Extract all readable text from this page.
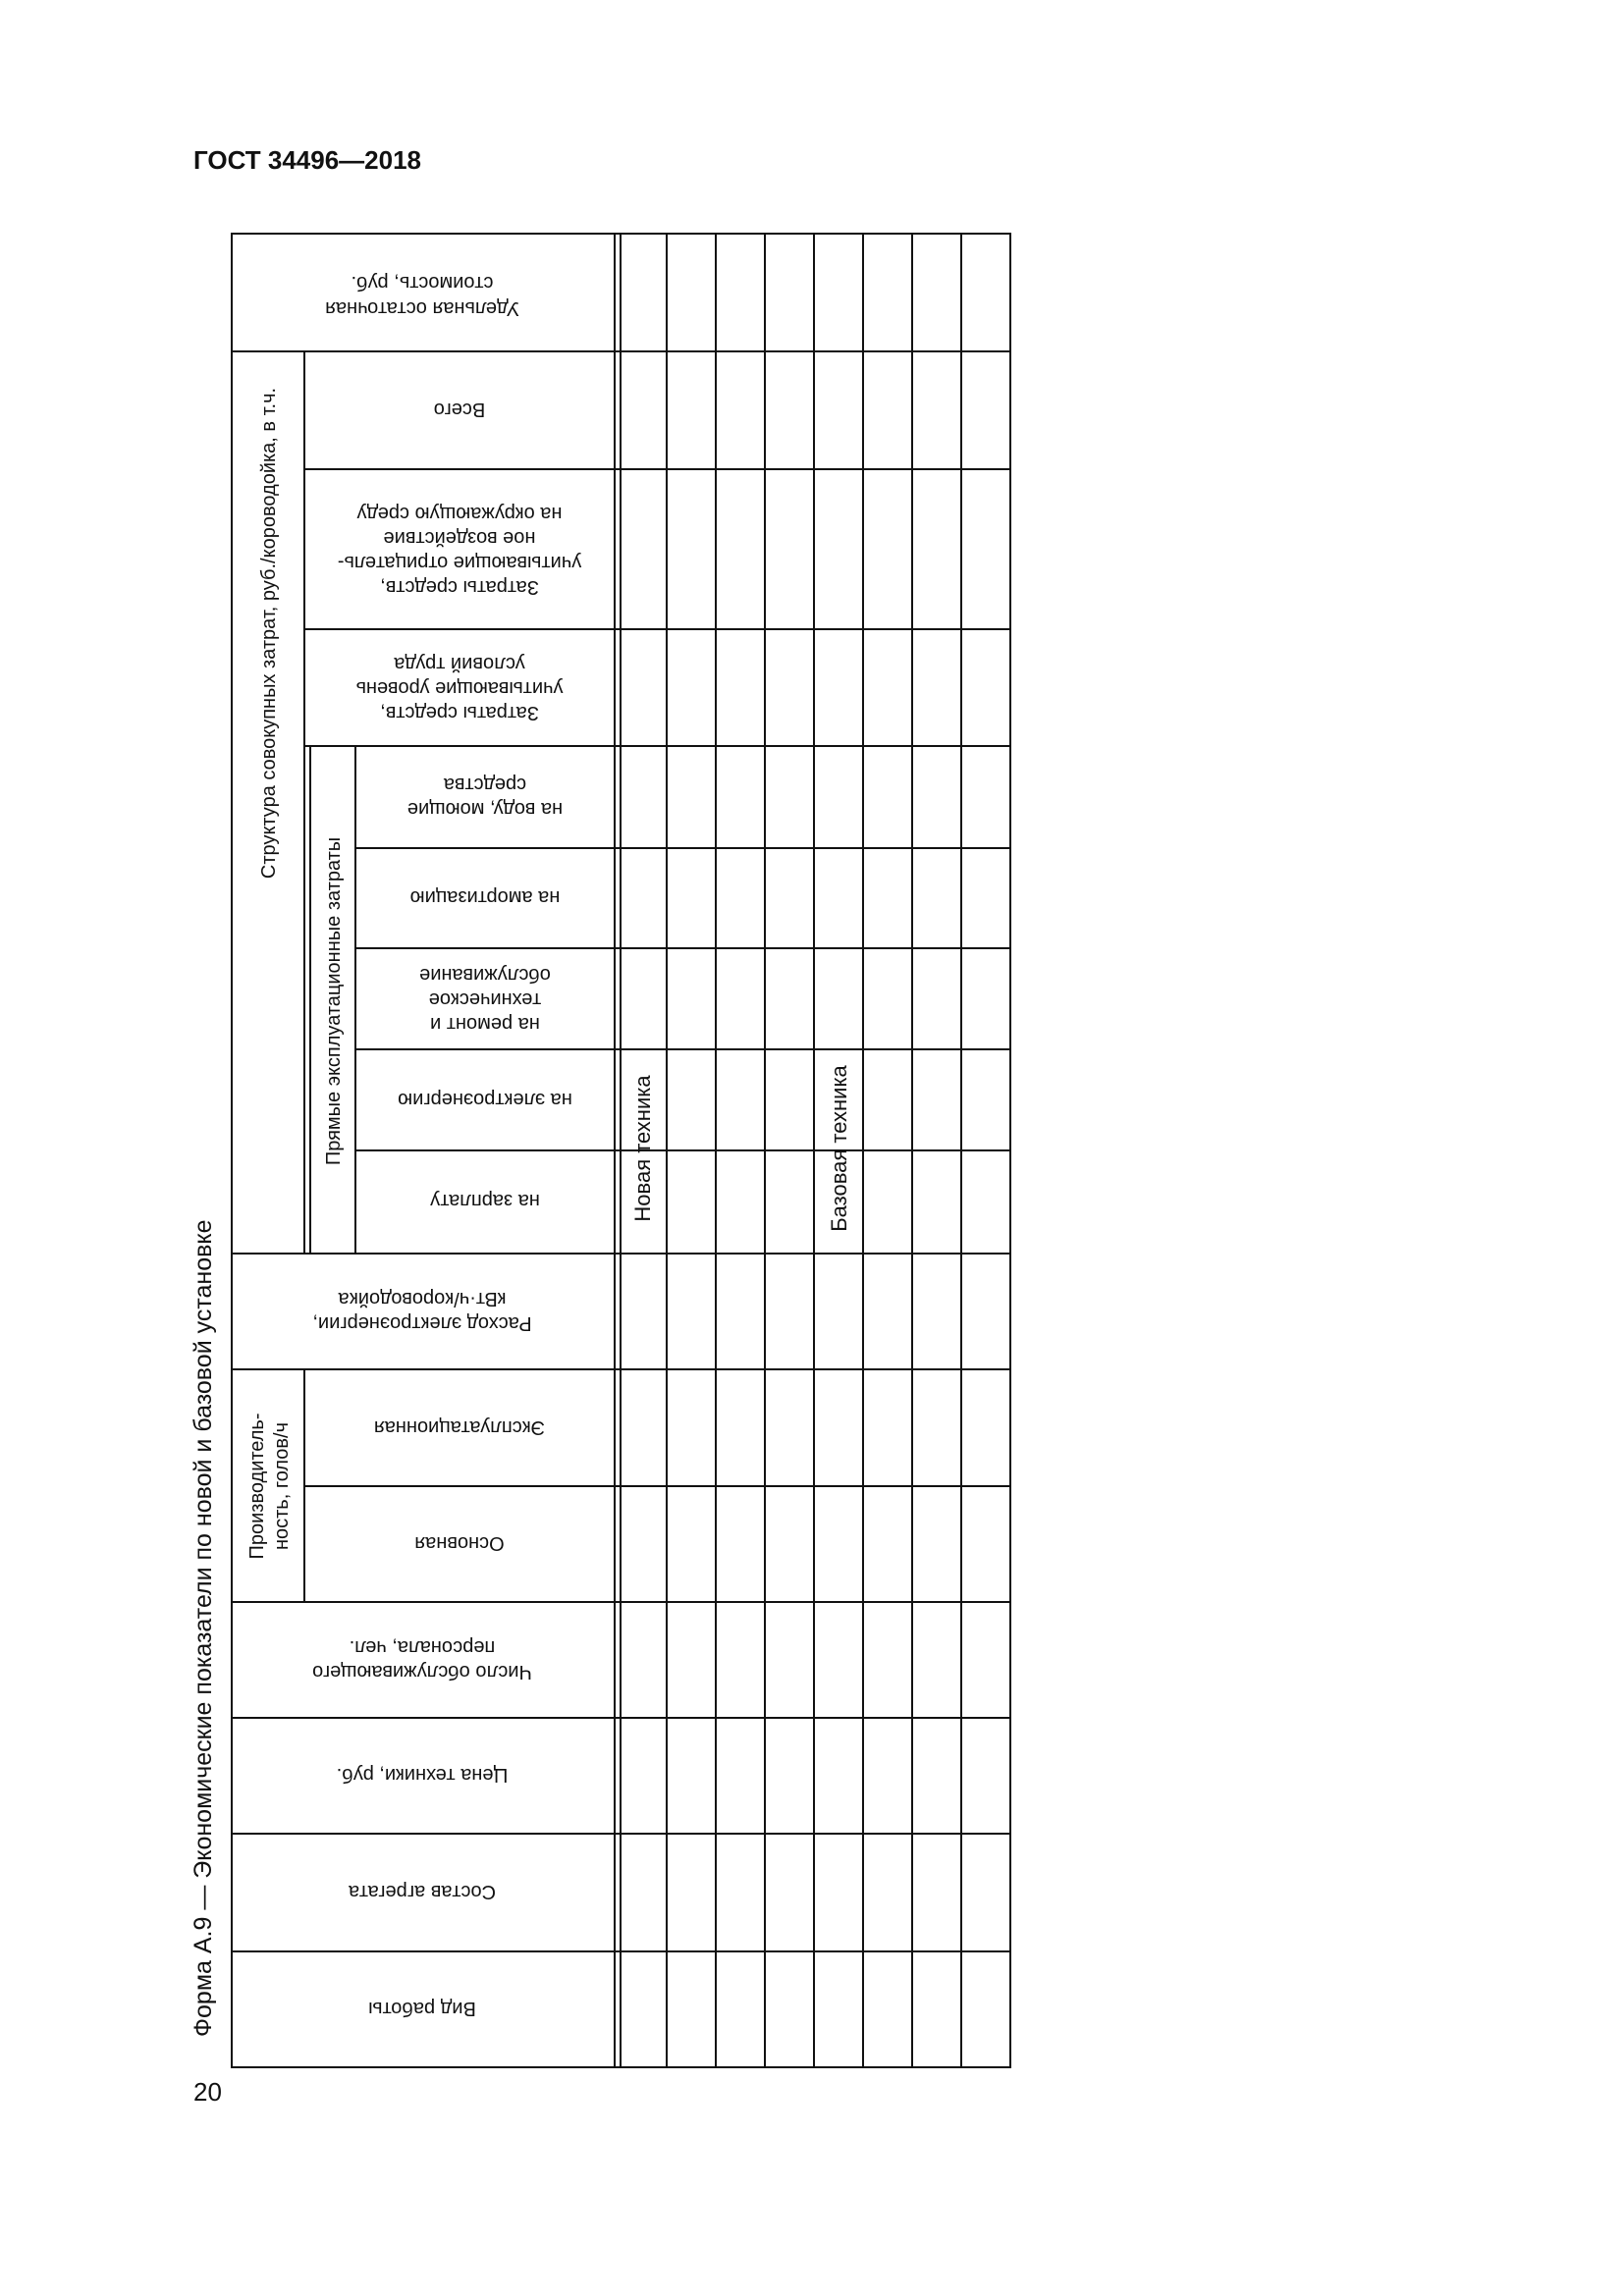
ГОСТ 34496—2018
Форма А.9 — Экономические показатели по новой и базовой установке
20
Удельная остаточная
стоимость, руб.
Всего
Затраты средств,
учитывающие отрицатель-
ное воздействие
на окружающую среду
Затраты средств,
учитывающие уровень
условий труда
на воду, моющие
средства
на амортизацию
на ремонт и
техническое
обслуживание
на электроэнергию
на зарплату
Структура совокупных затрат, руб./короводойка, в т.ч.
Прямые эксплуатационные затраты
Расход электроэнергии,
кВт·ч/короводойка
Эксплуатационная
Основная
Производитель- ность, голов/ч
Число обслуживающего
персонала, чел.
Цена техники, руб.
Состав агрегата
Вид работы
Новая техника	Базовая техника
